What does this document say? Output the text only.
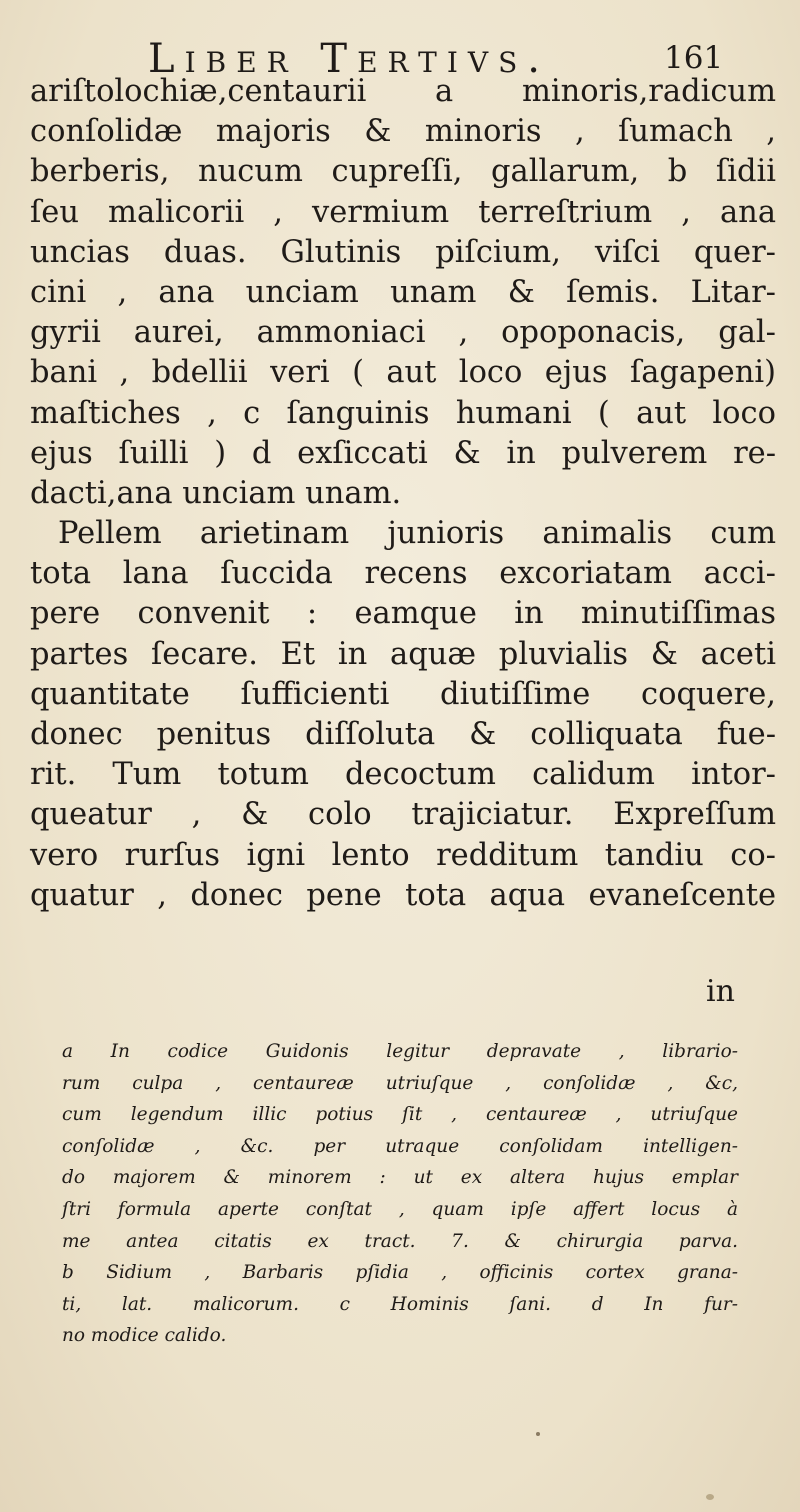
Liber Tertivs.	161
ariſtolochiæ,centaurii a minoris,radicum
conſolidæ majoris & minoris , ſumach ,
berberis, nucum cupreſſi, gallarum, b ſidii
ſeu malicorii , vermium terreſtrium , ana
uncias duas. Glutinis piſcium, viſci quer-
cini , ana unciam unam & ſemis. Litar-
gyrii aurei, ammoniaci , opoponacis, gal-
bani , bdellii veri ( aut loco ejus ſagapeni)
maſtiches , c ſanguinis humani ( aut loco
ejus ſuilli ) d exſiccati & in pulverem re-
dacti,ana unciam unam.
Pellem arietinam junioris animalis cum
tota lana ſuccida recens excoriatam acci-
pere convenit : eamque in minutiſſimas
partes ſecare. Et in aquæ pluvialis & aceti
quantitate ſufficienti diutiſſime coquere,
donec penitus diſſoluta & colliquata fue-
rit. Tum totum decoctum calidum intor-
queatur , & colo trajiciatur. Expreſſum
vero rurſus igni lento redditum tandiu co-
quatur , donec pene tota aqua evaneſcente
in
a In codice Guidonis legitur depravate , librario-
rum culpa , centaureæ utriuſque , conſolidæ , &c,
cum legendum illic potius ſit , centaureæ , utriuſque
conſolidæ , &c. per utraque conſolidam intelligen-
do majorem & minorem : ut ex altera hujus emplar
ſtri formula aperte conſtat , quam ipſe affert locus à
me antea citatis ex tract. 7. & chirurgia parva.
b Sidium , Barbaris pſidia , officinis cortex grana-
ti, lat. malicorum. c Hominis ſani. d In fur-
no modice calido.
